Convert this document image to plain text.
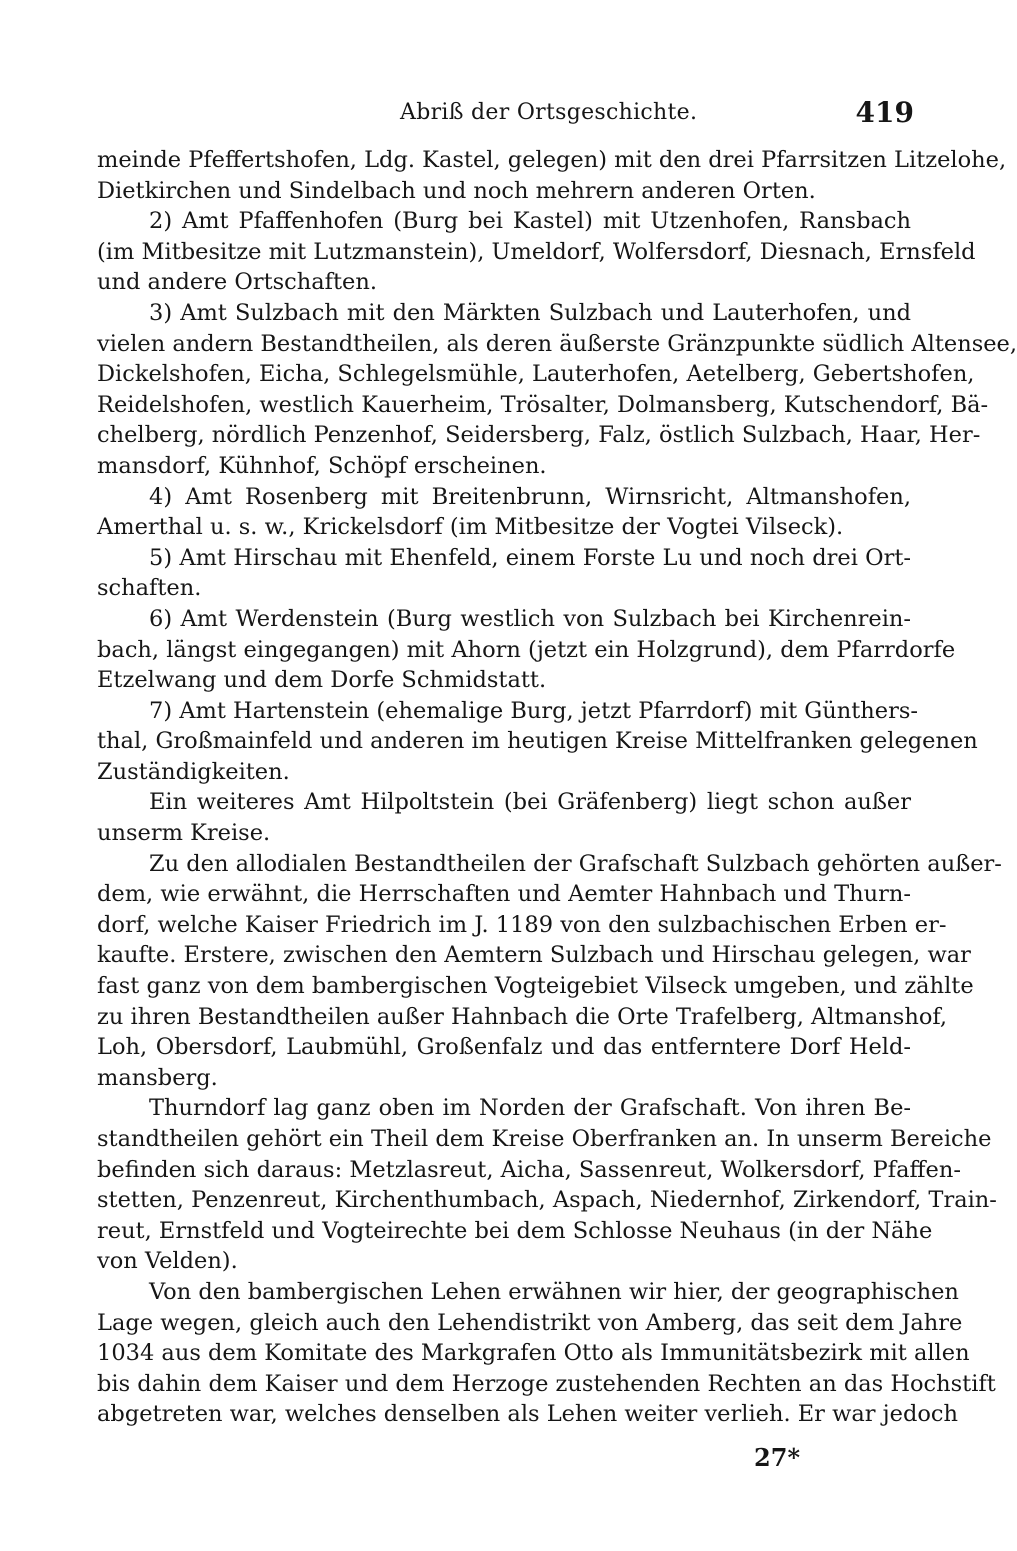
Abriß der Ortsgeschichte.	419
meinde Pfeffertshofen, Ldg. Kastel, gelegen) mit den drei Pfarrsitzen Litzelohe,
Dietkirchen und Sindelbach und noch mehrern anderen Orten.
2) Amt Pfaffenhofen (Burg bei Kastel) mit Utzenhofen, Ransbach
(im Mitbesitze mit Lutzmanstein), Umeldorf, Wolfersdorf, Diesnach, Ernsfeld
und andere Ortschaften.
3) Amt Sulzbach mit den Märkten Sulzbach und Lauterhofen, und
vielen andern Bestandtheilen, als deren äußerste Gränzpunkte südlich Altensee,
Dickelshofen, Eicha, Schlegelsmühle, Lauterhofen, Aetelberg, Gebertshofen,
Reidelshofen, westlich Kauerheim, Trösalter, Dolmansberg, Kutschendorf, Bä-
chelberg, nördlich Penzenhof, Seidersberg, Falz, östlich Sulzbach, Haar, Her-
mansdorf, Kühnhof, Schöpf erscheinen.
4) Amt Rosenberg mit Breitenbrunn, Wirnsricht, Altmanshofen,
Amerthal u. s. w., Krickelsdorf (im Mitbesitze der Vogtei Vilseck).
5) Amt Hirschau mit Ehenfeld, einem Forste Lu und noch drei Ort-
schaften.
6) Amt Werdenstein (Burg westlich von Sulzbach bei Kirchenrein-
bach, längst eingegangen) mit Ahorn (jetzt ein Holzgrund), dem Pfarrdorfe
Etzelwang und dem Dorfe Schmidstatt.
7) Amt Hartenstein (ehemalige Burg, jetzt Pfarrdorf) mit Günthers-
thal, Großmainfeld und anderen im heutigen Kreise Mittelfranken gelegenen
Zuständigkeiten.
Ein weiteres Amt Hilpoltstein (bei Gräfenberg) liegt schon außer
unserm Kreise.
Zu den allodialen Bestandtheilen der Grafschaft Sulzbach gehörten außer-
dem, wie erwähnt, die Herrschaften und Aemter Hahnbach und Thurn-
dorf, welche Kaiser Friedrich im J. 1189 von den sulzbachischen Erben er-
kaufte. Erstere, zwischen den Aemtern Sulzbach und Hirschau gelegen, war
fast ganz von dem bambergischen Vogteigebiet Vilseck umgeben, und zählte
zu ihren Bestandtheilen außer Hahnbach die Orte Trafelberg, Altmanshof,
Loh, Obersdorf, Laubmühl, Großenfalz und das entferntere Dorf Held-
mansberg.
Thurndorf lag ganz oben im Norden der Grafschaft. Von ihren Be-
standtheilen gehört ein Theil dem Kreise Oberfranken an. In unserm Bereiche
befinden sich daraus: Metzlasreut, Aicha, Sassenreut, Wolkersdorf, Pfaffen-
stetten, Penzenreut, Kirchenthumbach, Aspach, Niedernhof, Zirkendorf, Train-
reut, Ernstfeld und Vogteirechte bei dem Schlosse Neuhaus (in der Nähe
von Velden).
Von den bambergischen Lehen erwähnen wir hier, der geographischen
Lage wegen, gleich auch den Lehendistrikt von Amberg, das seit dem Jahre
1034 aus dem Komitate des Markgrafen Otto als Immunitätsbezirk mit allen
bis dahin dem Kaiser und dem Herzoge zustehenden Rechten an das Hochstift
abgetreten war, welches denselben als Lehen weiter verlieh. Er war jedoch
27*
